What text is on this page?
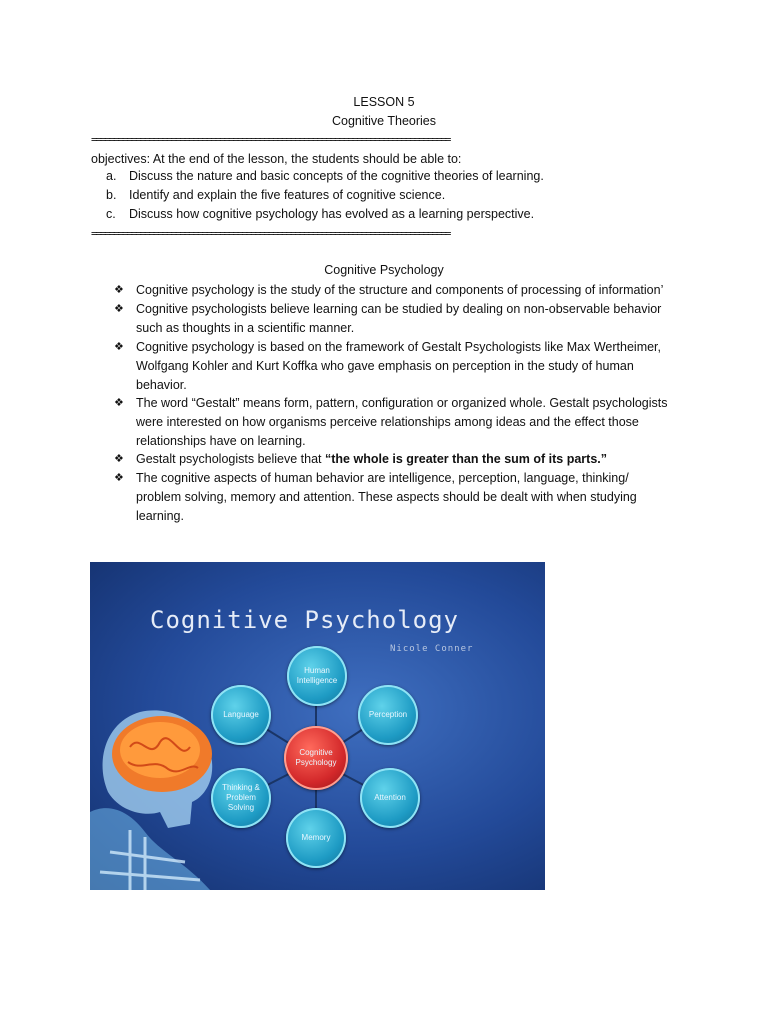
LESSON 5
Cognitive Theories
=================================================================================
objectives: At the end of the lesson, the students should be able to:
a. Discuss the nature and basic concepts of the cognitive theories of learning.
b. Identify and explain the five features of cognitive science.
c. Discuss how cognitive psychology has evolved as a learning perspective.
=================================================================================
Cognitive Psychology
❖ Cognitive psychology is the study of the structure and components of processing of information’
❖ Cognitive psychologists believe learning can be studied by dealing on non-observable behavior such as thoughts in a scientific manner.
❖ Cognitive psychology is based on the framework of Gestalt Psychologists like Max Wertheimer, Wolfgang Kohler and Kurt Koffka who gave emphasis on perception in the study of human behavior.
❖ The word “Gestalt” means form, pattern, configuration or organized whole. Gestalt psychologists were interested on how organisms perceive relationships among ideas and the effect those relationships have on learning.
❖ Gestalt psychologists believe that “the whole is greater than the sum of its parts.”
❖ The cognitive aspects of human behavior are intelligence, perception, language, thinking/ problem solving, memory and attention. These aspects should be dealt with when studying learning.
Cognitive Psychology
Nicole Conner
Human
Intelligence
Perception
Attention
Memory
Thinking &
Problem
Solving
Language
Cognitive
Psychology
